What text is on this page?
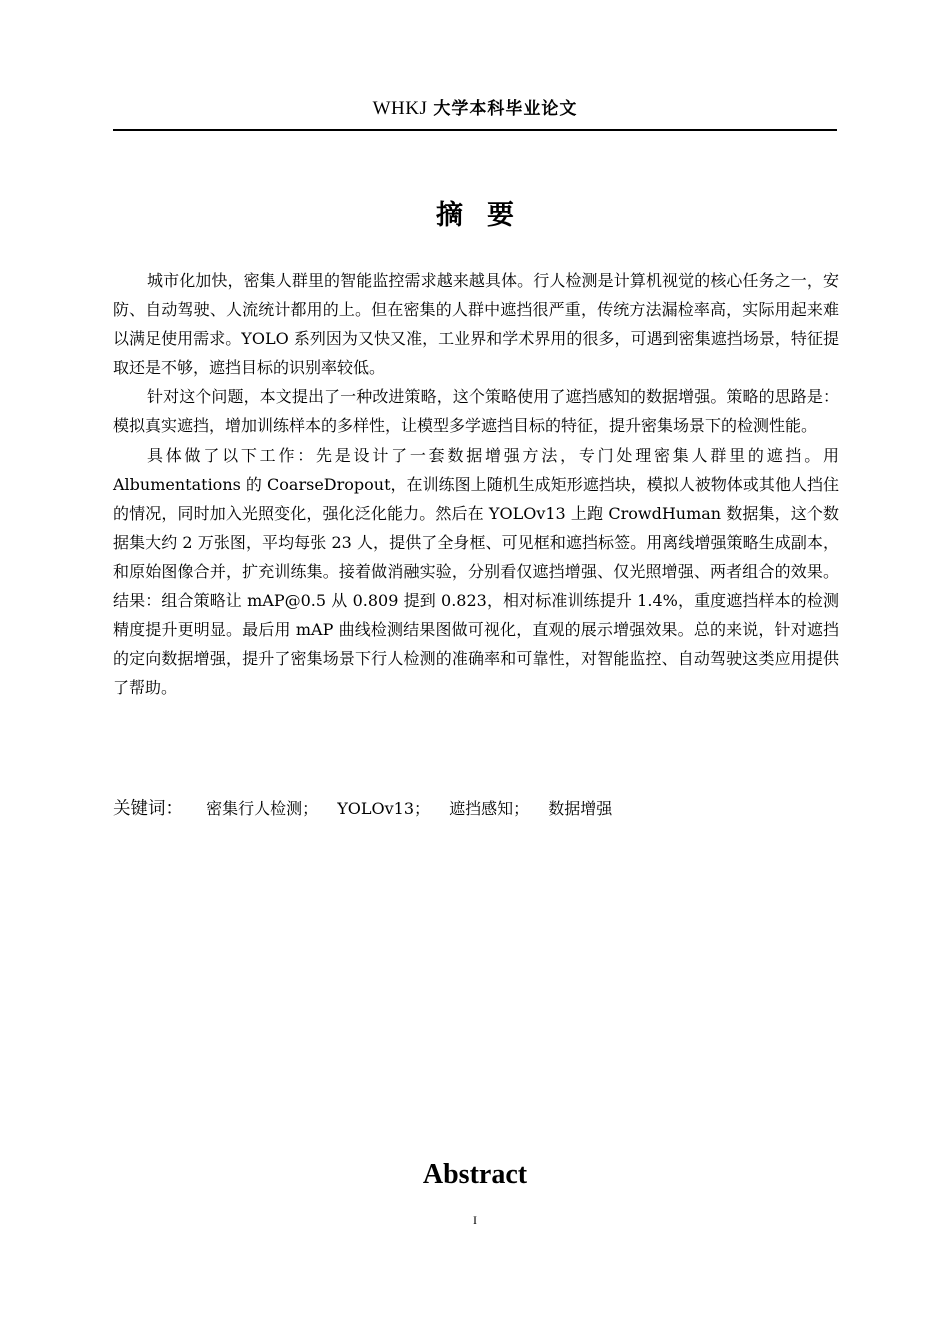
WHKJ 大学本科毕业论文
摘要

城市化加快，密集人群里的智能监控需求越来越具体。行人检测是计算机视觉的核心任务之一，安防、自动驾驶、人流统计都用的上。但在密集的人群中遮挡很严重，传统方法漏检率高，实际用起来难以满足使用需求。YOLO 系列因为又快又准，工业界和学术界用的很多，可遇到密集遮挡场景，特征提取还是不够，遮挡目标的识别率较低。

针对这个问题，本文提出了一种改进策略，这个策略使用了遮挡感知的数据增强。策略的思路是：模拟真实遮挡，增加训练样本的多样性，让模型多学遮挡目标的特征，提升密集场景下的检测性能。

具体做了以下工作：先是设计了一套数据增强方法，专门处理密集人群里的遮挡。用 Albumentations 的 CoarseDropout，在训练图上随机生成矩形遮挡块，模拟人被物体或其他人挡住的情况，同时加入光照变化，强化泛化能力。然后在 YOLOv13 上跑 CrowdHuman 数据集，这个数据集大约 2 万张图，平均每张 23 人，提供了全身框、可见框和遮挡标签。用离线增强策略生成副本，和原始图像合并，扩充训练集。接着做消融实验，分别看仅遮挡增强、仅光照增强、两者组合的效果。结果：组合策略让 mAP@0.5 从 0.809 提到 0.823，相对标准训练提升 1.4%，重度遮挡样本的检测精度提升更明显。最后用 mAP 曲线检测结果图做可视化，直观的展示增强效果。总的来说，针对遮挡的定向数据增强，提升了密集场景下行人检测的准确率和可靠性，对智能监控、自动驾驶这类应用提供了帮助。

关键词： 密集行人检测； YOLOv13； 遮挡感知； 数据增强
Abstract
I
